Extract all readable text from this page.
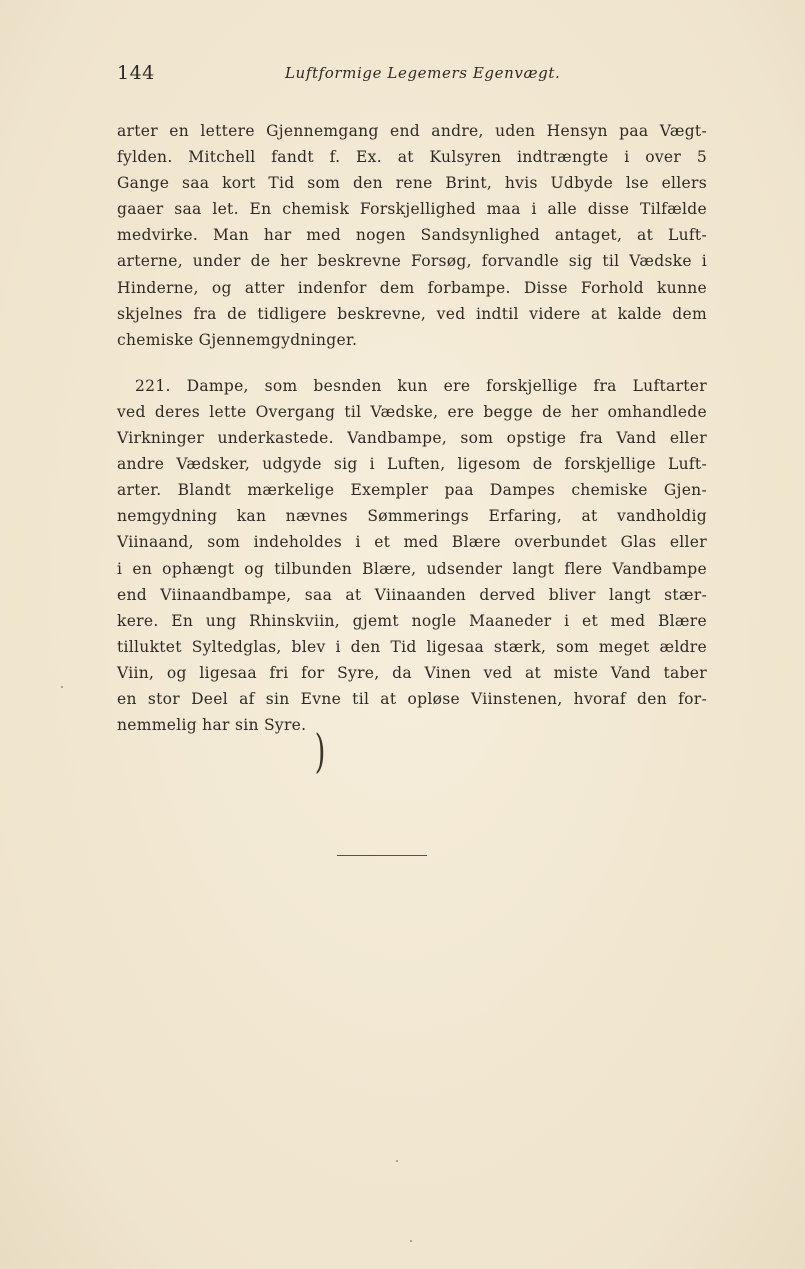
144	Luftformige Legemers Egenvægt.
arter en lettere Gjennemgang end andre, uden Hensyn paa Vægt-
fylden. Mitchell fandt f. Ex. at Kulsyren indtrængte i over 5
Gange saa kort Tid som den rene Brint, hvis Udbyde lse ellers
gaaer saa let. En chemisk Forskjellighed maa i alle disse Tilfælde
medvirke. Man har med nogen Sandsynlighed antaget, at Luft-
arterne, under de her beskrevne Forsøg, forvandle sig til Vædske i
Hinderne, og atter indenfor dem forbampe. Disse Forhold kunne
skjelnes fra de tidligere beskrevne, ved indtil videre at kalde dem
chemiske Gjennemgydninger.
221. Dampe, som besnden kun ere forskjellige fra Luftarter
ved deres lette Overgang til Vædske, ere begge de her omhandlede
Virkninger underkastede. Vandbampe, som opstige fra Vand eller
andre Vædsker, udgyde sig i Luften, ligesom de forskjellige Luft-
arter. Blandt mærkelige Exempler paa Dampes chemiske Gjen-
nemgydning kan nævnes Sømmerings Erfaring, at vandholdig
Viinaand, som indeholdes i et med Blære overbundet Glas eller
i en ophængt og tilbunden Blære, udsender langt flere Vandbampe
end Viinaandbampe, saa at Viinaanden derved bliver langt stær-
kere. En ung Rhinskviin, gjemt nogle Maaneder i et med Blære
tilluktet Syltedglas, blev i den Tid ligesaa stærk, som meget ældre
Viin, og ligesaa fri for Syre, da Vinen ved at miste Vand taber
en stor Deel af sin Evne til at opløse Viinstenen, hvoraf den for-
nemmelig har sin Syre. )
